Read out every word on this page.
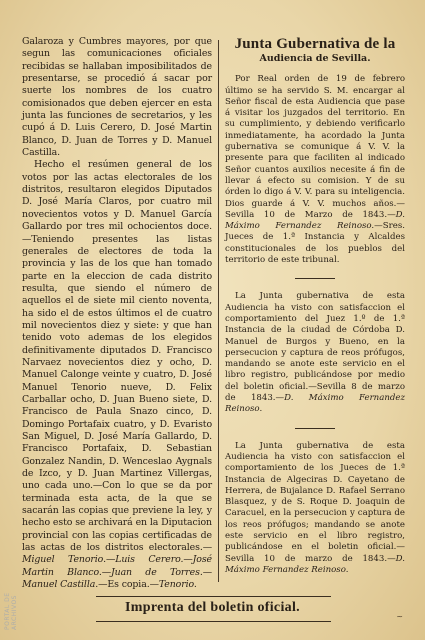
Galaroza y Cumbres mayores, por que segun las comunicaciones oficiales recibidas se hallaban imposibilitados de presentarse, se procedió á sacar por suerte los nombres de los cuatro comisionados que deben ejercer en esta junta las funciones de secretarios, y les cupó á D. Luis Cerero, D. José Martin Blanco, D. Juan de Torres y D. Manuel Castilla.

Hecho el resúmen general de los votos por las actas electorales de los distritos, resultaron elegidos Diputados D. José María Claros, por cuatro mil novecientos votos y D. Manuel García Gallardo por tres mil ochocientos doce.—Teniendo presentes las listas generales de electores de toda la provincia y las de los que han tomado parte en la eleccion de cada distrito resulta, que siendo el número de aquellos el de siete mil ciento noventa, ha sido el de estos últimos el de cuatro mil novecientos diez y siete: y que han tenido voto ademas de los elegidos definitivamente diputados D. Francisco Narvaez novecientos diez y ocho, D. Manuel Calonge veinte y cuatro, D. José Manuel Tenorio nueve, D. Felix Carballar ocho, D. Juan Bueno siete, D. Francisco de Paula Snazo cinco, D. Domingo Portafaix cuatro, y D. Evaristo San Miguel, D. José María Gallardo, D. Francisco Portafaix, D. Sebastian Gonzalez Nandin, D. Wenceslao Aygnals de Izco, y D. Juan Martinez Villergas, uno cada uno.—Con lo que se da por terminada esta acta, de la que se sacarán las copias que previene la ley, y hecho esto se archivará en la Diputacion provincial con las copias certificadas de las actas de los distritos electorales.—Miguel Tenorio.—Luis Cerero.—José Martin Blanco.—Juan de Torres.—Manuel Castilla.—Es copia.—Tenorio.

Junta Gubernativa de la

Audiencia de Sevilla.

Por Real orden de 19 de febrero último se ha servido S. M. encargar al Señor fiscal de esta Audiencia que pase á visitar los juzgados del territorio. En su cumplimiento, y debiendo verificarlo inmediatamente, ha acordado la Junta gubernativa se comunique á V. V. la presente para que faciliten al indicado Señor cuantos auxilios necesite á fin de llevar á efecto su comision. Y de su órden lo digo á V. V. para su inteligencia. Dios guarde á V. V. muchos años.—Sevilla 10 de Marzo de 1843.—D. Máximo Fernandez Reinoso.—Sres. Jueces de 1.ª Instancia y Alcaldes constitucionales de los pueblos del territorio de este tribunal.

La Junta gubernativa de esta Audiencia ha visto con satisfaccion el comportamiento del Juez 1.º de 1.ª Instancia de la ciudad de Córdoba D. Manuel de Burgos y Bueno, en la persecucion y captura de reos prófugos, mandando se anote este servicio en el libro registro, publicándose por medio del boletin oficial.—Sevilla 8 de marzo de 1843.—D. Máximo Fernandez Reinoso.

La Junta gubernativa de esta Audiencia ha visto con satisfaccion el comportamiento de los Jueces de 1.ª Instancia de Algeciras D. Cayetano de Herrera, de Bujalance D. Rafael Serrano Blasquez, y de S. Roque D. Joaquin de Caracuel, en la persecucion y captura de los reos prófugos; mandando se anote este servicio en el libro registro, publicándose en el boletin oficial.—Sevilla 10 de marzo de 1843.—D. Máximo Fernandez Reinoso.

Imprenta del boletin oficial.
PORTAL DE ARCHIVOS	~
